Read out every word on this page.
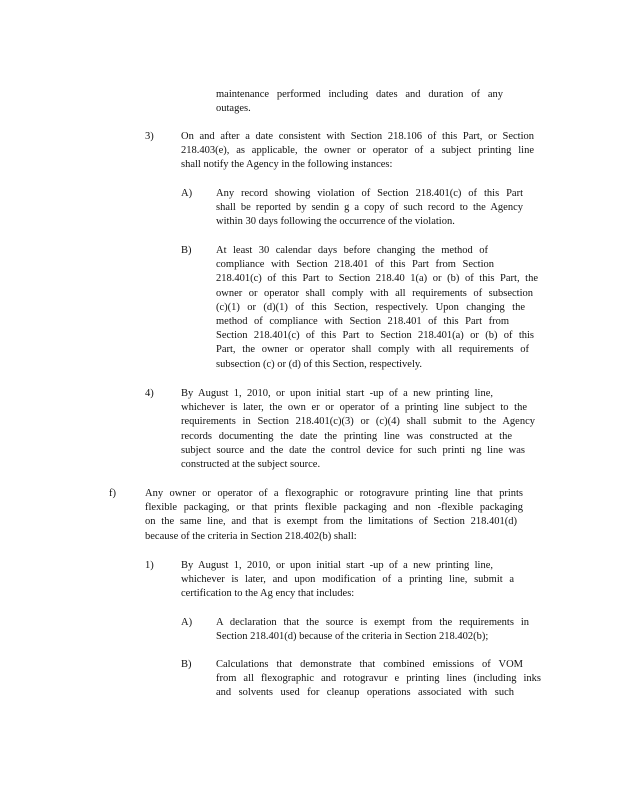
maintenance performed including dates and duration of any
outages.
3)	On and after a date consistent with Section 218.106 of this Part, or Section
218.403(e), as applicable, the owner or operator of a subject printing line
shall notify the Agency in the following instances:
A) Any record showing violation of Section 218.401(c) of this Part
shall be reported by sendin g a copy of such record to the Agency
within 30 days following the occurrence of the violation.
B) At least 30 calendar days before changing the method of
compliance with Section 218.401 of this Part from Section
218.401(c) of this Part to Section 218.40 1(a) or (b) of this Part, the
owner or operator shall comply with all requirements of subsection
(c)(1) or (d)(1) of this Section, respectively. Upon changing the
method of compliance with Section 218.401 of this Part from
Section 218.401(c) of this Part to Section 218.401(a) or (b) of this
Part, the owner or operator shall comply with all requirements of
subsection (c) or (d) of this Section, respectively.
4)	By August 1, 2010, or upon initial start -up of a new printing line,
whichever is later, the own er or operator of a printing line subject to the
requirements in Section 218.401(c)(3) or (c)(4) shall submit to the Agency
records documenting the date the printing line was constructed at the
subject source and the date the control device for such printi ng line was
constructed at the subject source.
f)	Any owner or operator of a flexographic or rotogravure printing line that prints
flexible packaging, or that prints flexible packaging and non -flexible packaging
on the same line, and that is exempt from the limitations of Section 218.401(d)
because of the criteria in Section 218.402(b) shall:
1)	By August 1, 2010, or upon initial start -up of a new printing line,
whichever is later, and upon modification of a printing line, submit a
certification to the Ag ency that includes:
A) A declaration that the source is exempt from the requirements in
Section 218.401(d) because of the criteria in Section 218.402(b);
B) Calculations that demonstrate that combined emissions of VOM
from all flexographic and rotogravur e printing lines (including inks
and solvents used for cleanup operations associated with such
